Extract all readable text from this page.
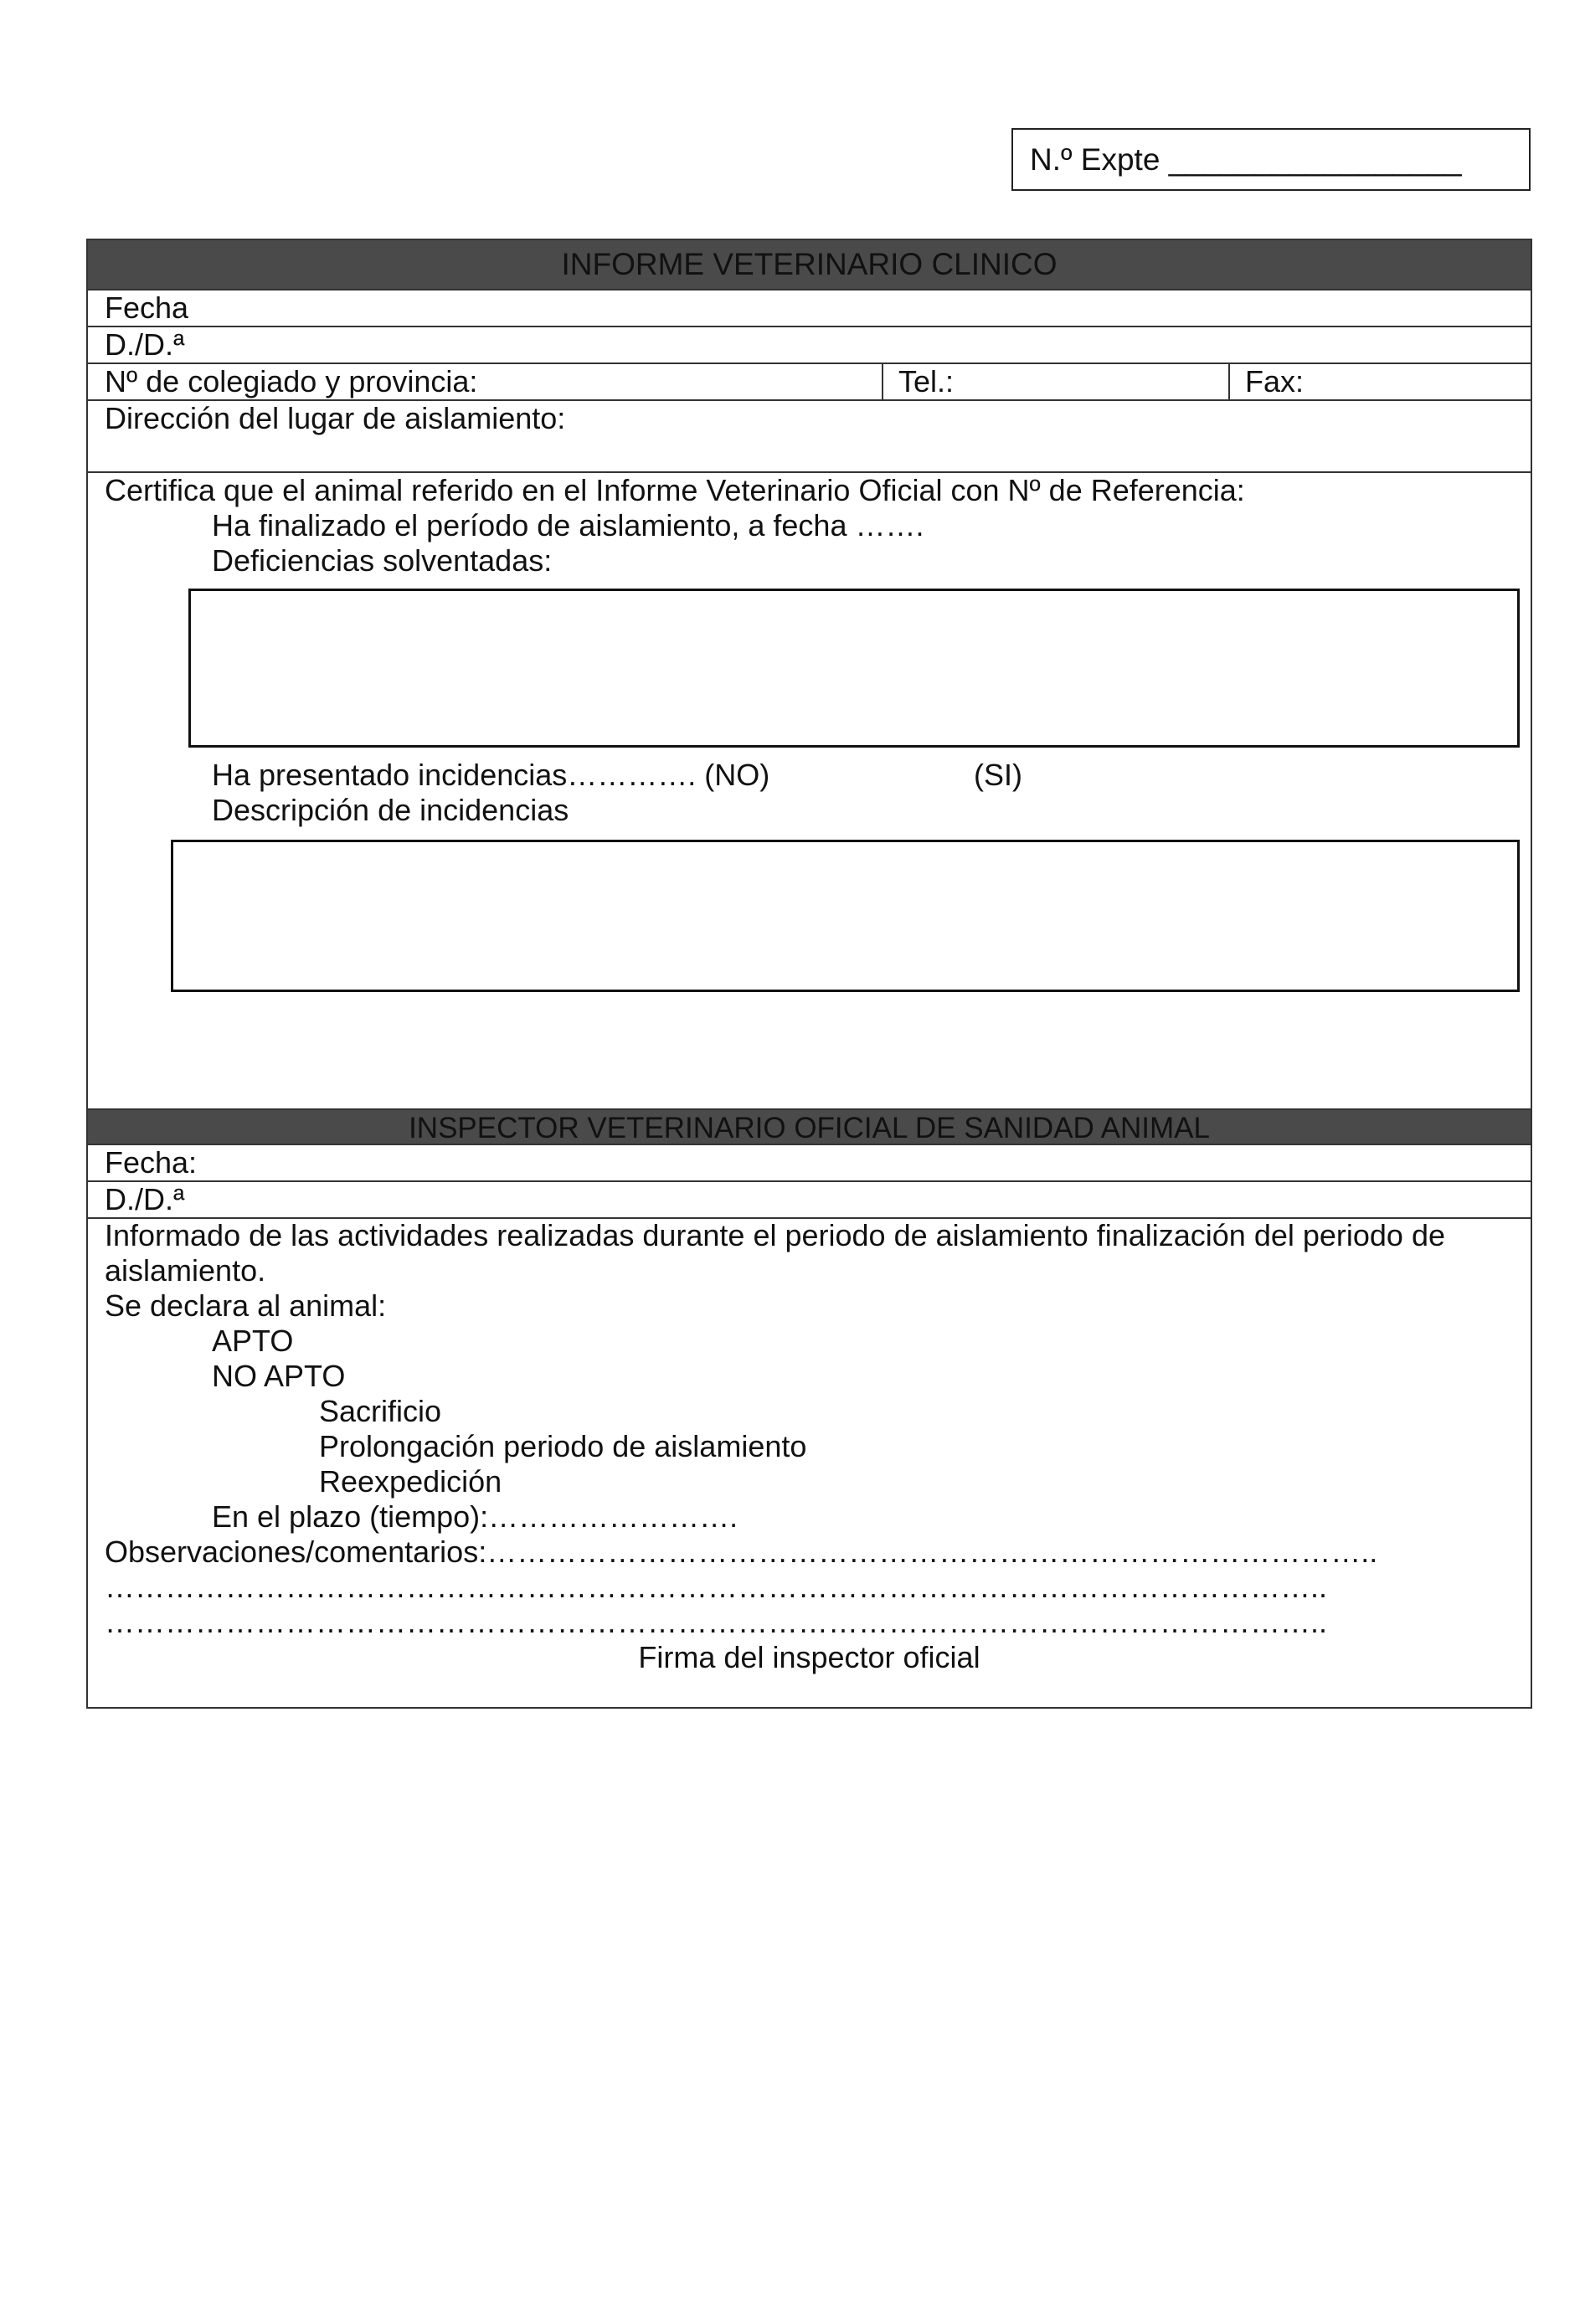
N.º Expte _________________
INFORME VETERINARIO CLINICO
Fecha
D./D.ª
Nº de colegiado y provincia:	Tel.:	Fax:
Dirección del lugar de aislamiento:
Certifica que el animal referido en el Informe Veterinario Oficial con Nº de Referencia:
Ha finalizado el período de aislamiento, a fecha …….
Deficiencias solventadas:
Ha presentado incidencias…………. (NO)	(SI)
Descripción de incidencias
INSPECTOR VETERINARIO OFICIAL DE SANIDAD ANIMAL
Fecha:
D./D.ª
Informado de las actividades realizadas durante el periodo de aislamiento finalización del periodo de
aislamiento.
Se declara al animal:
APTO
NO APTO
Sacrificio
Prolongación periodo de aislamiento
Reexpedición
En el plazo (tiempo):…………………….
Observaciones/comentarios:……………………………………………………………………………..
…………………………………………………………………………………………………………..
…………………………………………………………………………………………………………..
Firma del inspector oficial
